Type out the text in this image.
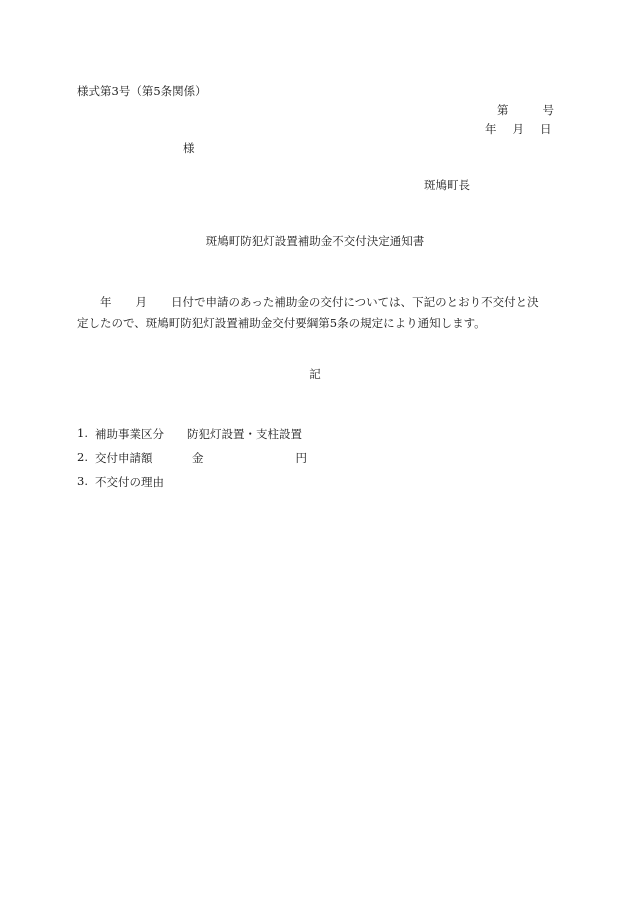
様式第3号（第5条関係）
第	号
年 月 日
様
斑鳩町長
斑鳩町防犯灯設置補助金不交付決定通知書
年 月 日付で申請のあった補助金の交付については、下記のとおり不交付と決
定したので、斑鳩町防犯灯設置補助金交付要綱第5条の規定により通知します。
記
1. 補助事業区分	防犯灯設置・支柱設置
2. 交付申請額	金	円
3. 不交付の理由
